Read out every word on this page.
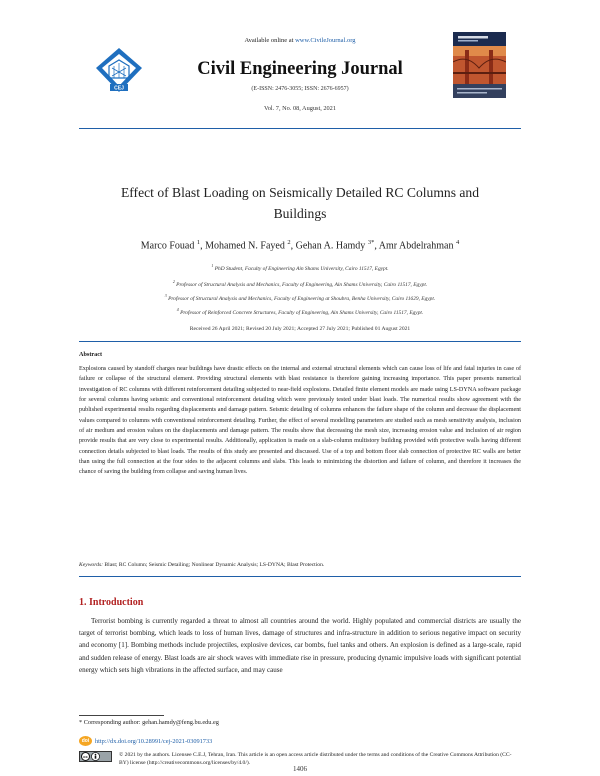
Available online at www.CivileJournal.org
CEJ
Civil Engineering Journal
(E-ISSN: 2476-3055; ISSN: 2676-6957)
Vol. 7, No. 08, August, 2021
Effect of Blast Loading on Seismically Detailed RC Columns and Buildings
Marco Fouad $^1$, Mohamed N. Fayed $^2$, Gehan A. Hamdy $^{3*}$, Amr Abdelrahman $^4$
$^1$ PhD Student, Faculty of Engineering Ain Shams University, Cairo 11517, Egypt.
$^2$ Professor of Structural Analysis and Mechanics, Faculty of Engineering, Ain Shams University, Cairo 11517, Egypt.
$^3$ Professor of Structural Analysis and Mechanics, Faculty of Engineering at Shoubra, Benha University, Cairo 11629, Egypt.
$^4$ Professor of Reinforced Concrete Structures, Faculty of Engineering, Ain Shams University, Cairo 11517, Egypt.
Received 26 April 2021; Revised 20 July 2021; Accepted 27 July 2021; Published 01 August 2021
Abstract
Explosions caused by standoff charges near buildings have drastic effects on the internal and external structural elements which can cause loss of life and fatal injuries in case of failure or collapse of the structural element. Providing structural elements with blast resistance is therefore gaining increasing importance. This paper presents numerical investigation of RC columns with different reinforcement detailing subjected to near-field explosions. Detailed finite element models are made using LS-DYNA software package for several columns having seismic and conventional reinforcement detailing which were previously tested under blast loads. The numerical results show agreement with the published experimental results regarding displacements and damage pattern. Seismic detailing of columns enhances the failure shape of the column and decrease the displacement values compared to columns with conventional reinforcement detailing. Further, the effect of several modelling parameters are studied such as mesh sensitivity analysis, inclusion of air medium and erosion values on the displacements and damage pattern. The results show that decreasing the mesh size, increasing erosion value and inclusion of air region provide results that are very close to experimental results. Additionally, application is made on a slab-column multistory building provided with protective walls having different connection details subjected to blast loads. The results of this study are presented and discussed. Use of a top and bottom floor slab connection of protective RC walls are better than using the full connection at the four sides to the adjacent columns and slabs. This leads to minimizing the distortion and failure of column, and therefore it increases the chance of saving the building from collapse and saving human lives.
Keywords: Blast; RC Column; Seismic Detailing; Nonlinear Dynamic Analysis; LS-DYNA; Blast Protection.
1. Introduction
Terrorist bombing is currently regarded a threat to almost all countries around the world. Highly populated and commercial districts are usually the target of terrorist bombing, which leads to loss of human lives, damage of structures and infra-structure in addition to serious negative impact on security and economy [1]. Bombing methods include projectiles, explosive devices, car bombs, fuel tanks and others. An explosion is defined as a large-scale, rapid and sudden release of energy. Blast loads are air shock waves with immediate rise in pressure, producing dynamic impulsive loads with significant potential energy which sets high vibrations in the affected surface, and may cause
* Corresponding author: gehan.hamdy@feng.bu.edu.eg
doi http://dx.doi.org/10.28991/cej-2021-03091733
cc	© 2021 by the authors. Licensee C.E.J, Tehran, Iran. This article is an open access article distributed under the terms and conditions of the Creative Commons Attribution (CC-BY) license (http://creativecommons.org/licenses/by/4.0/).
1406
